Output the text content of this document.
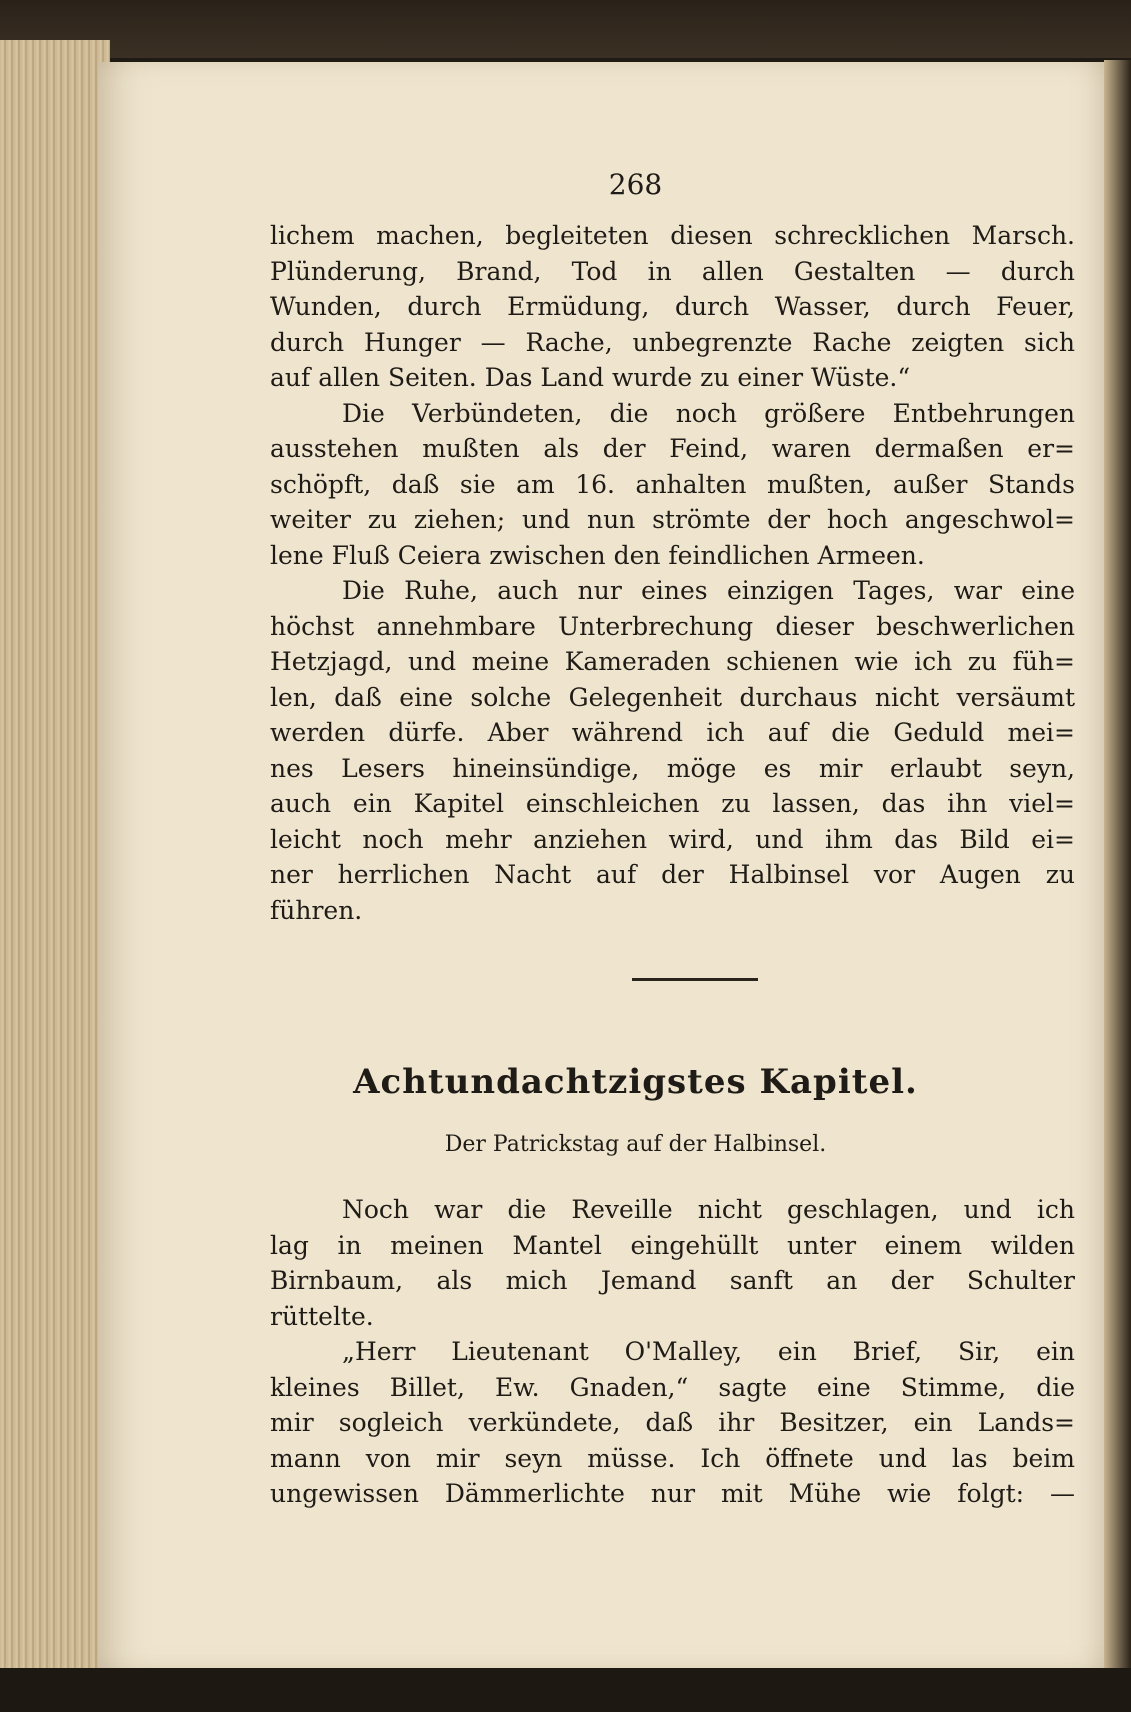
268
lichem machen, begleiteten diesen schrecklichen Marsch.
Plünderung, Brand, Tod in allen Gestalten — durch
Wunden, durch Ermüdung, durch Wasser, durch Feuer,
durch Hunger — Rache, unbegrenzte Rache zeigten sich
auf allen Seiten. Das Land wurde zu einer Wüste.“
Die Verbündeten, die noch größere Entbehrungen
ausstehen mußten als der Feind, waren dermaßen er=
schöpft, daß sie am 16. anhalten mußten, außer Stands
weiter zu ziehen; und nun strömte der hoch angeschwol=
lene Fluß Ceiera zwischen den feindlichen Armeen.
Die Ruhe, auch nur eines einzigen Tages, war eine
höchst annehmbare Unterbrechung dieser beschwerlichen
Hetzjagd, und meine Kameraden schienen wie ich zu füh=
len, daß eine solche Gelegenheit durchaus nicht versäumt
werden dürfe. Aber während ich auf die Geduld mei=
nes Lesers hineinsündige, möge es mir erlaubt seyn,
auch ein Kapitel einschleichen zu lassen, das ihn viel=
leicht noch mehr anziehen wird, und ihm das Bild ei=
ner herrlichen Nacht auf der Halbinsel vor Augen zu
führen.
Achtundachtzigstes Kapitel.
Der Patrickstag auf der Halbinsel.
Noch war die Reveille nicht geschlagen, und ich
lag in meinen Mantel eingehüllt unter einem wilden
Birnbaum, als mich Jemand sanft an der Schulter
rüttelte.
„Herr Lieutenant O'Malley, ein Brief, Sir, ein
kleines Billet, Ew. Gnaden,“ sagte eine Stimme, die
mir sogleich verkündete, daß ihr Besitzer, ein Lands=
mann von mir seyn müsse. Ich öffnete und las beim
ungewissen Dämmerlichte nur mit Mühe wie folgt: —
